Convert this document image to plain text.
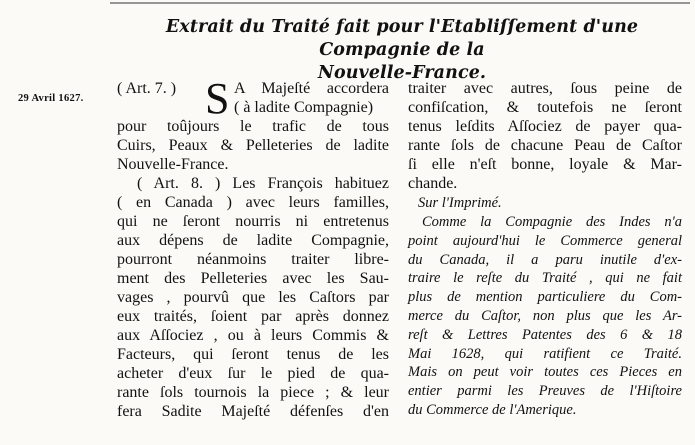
Extrait du Traité fait pour l'Etabliſſement d'une Compagnie de la
Nouvelle-France.
29 Avril 1627.
( Art. 7. ) S A Majeſté accordera
( à ladite Compagnie)
pour toûjours le trafic de tous
Cuirs, Peaux & Pelleteries de ladite
Nouvelle-France.
( Art. 8. ) Les François habituez
( en Canada ) avec leurs familles,
qui ne ſeront nourris ni entretenus
aux dépens de ladite Compagnie,
pourront néanmoins traiter libre-
ment des Pelleteries avec les Sau-
vages , pourvû que les Caſtors par
eux traités, ſoient par après donnez
aux Aſſociez , ou à leurs Commis &
Facteurs, qui ſeront tenus de les
acheter d'eux ſur le pied de qua-
rante ſols tournois la piece ; & leur
fera Sadite Majeſté défenſes d'en
traiter avec autres, ſous peine de
confiſcation, & toutefois ne ſeront
tenus leſdits Aſſociez de payer qua-
rante ſols de chacune Peau de Caſtor
ſi elle n'eſt bonne, loyale & Mar-
chande.
Sur l'Imprimé.
Comme la Compagnie des Indes n'a
point aujourd'hui le Commerce general
du Canada, il a paru inutile d'ex-
traire le reſte du Traité , qui ne fait
plus de mention particuliere du Com-
merce du Caſtor, non plus que les Ar-
reſt & Lettres Patentes des 6 & 18
Mai 1628, qui ratifient ce Traité.
Mais on peut voir toutes ces Pieces en
entier parmi les Preuves de l'Hiſtoire
du Commerce de l'Amerique.
